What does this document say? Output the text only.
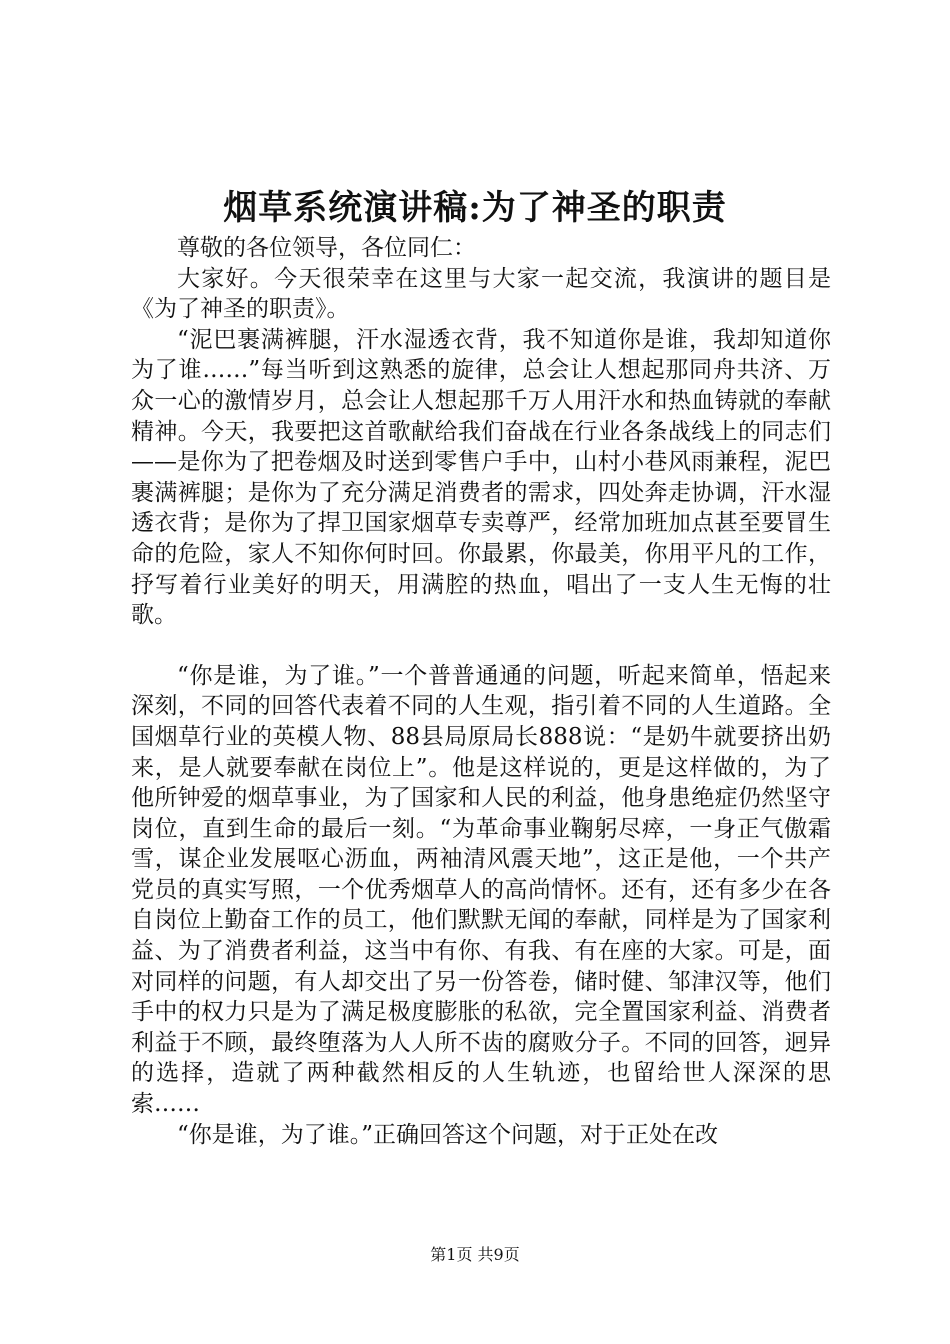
烟草系统演讲稿:为了神圣的职责

尊敬的各位领导，各位同仁：

大家好。今天很荣幸在这里与大家一起交流，我演讲的题目是《为了神圣的职责》。

“泥巴裹满裤腿，汗水湿透衣背，我不知道你是谁，我却知道你为了谁……”每当听到这熟悉的旋律，总会让人想起那同舟共济、万众一心的激情岁月，总会让人想起那千万人用汗水和热血铸就的奉献精神。今天，我要把这首歌献给我们奋战在行业各条战线上的同志们——是你为了把卷烟及时送到零售户手中，山村小巷风雨兼程，泥巴裹满裤腿；是你为了充分满足消费者的需求，四处奔走协调，汗水湿透衣背；是你为了捍卫国家烟草专卖尊严，经常加班加点甚至要冒生命的危险，家人不知你何时回。你最累，你最美，你用平凡的工作，抒写着行业美好的明天，用满腔的热血，唱出了一支人生无悔的壮歌。

“你是谁，为了谁。”一个普普通通的问题，听起来简单，悟起来深刻，不同的回答代表着不同的人生观，指引着不同的人生道路。全国烟草行业的英模人物、88县局原局长888说：“是奶牛就要挤出奶来，是人就要奉献在岗位上”。他是这样说的，更是这样做的，为了他所钟爱的烟草事业，为了国家和人民的利益，他身患绝症仍然坚守岗位，直到生命的最后一刻。“为革命事业鞠躬尽瘁，一身正气傲霜雪，谋企业发展呕心沥血，两袖清风震天地”，这正是他，一个共产党员的真实写照，一个优秀烟草人的高尚情怀。还有，还有多少在各自岗位上勤奋工作的员工，他们默默无闻的奉献，同样是为了国家利益、为了消费者利益，这当中有你、有我、有在座的大家。可是，面对同样的问题，有人却交出了另一份答卷，储时健、邹津汉等，他们手中的权力只是为了满足极度膨胀的私欲，完全置国家利益、消费者利益于不顾，最终堕落为人人所不齿的腐败分子。不同的回答，迥异的选择，造就了两种截然相反的人生轨迹，也留给世人深深的思索……

“你是谁，为了谁。”正确回答这个问题，对于正处在改

第1页 共9页
